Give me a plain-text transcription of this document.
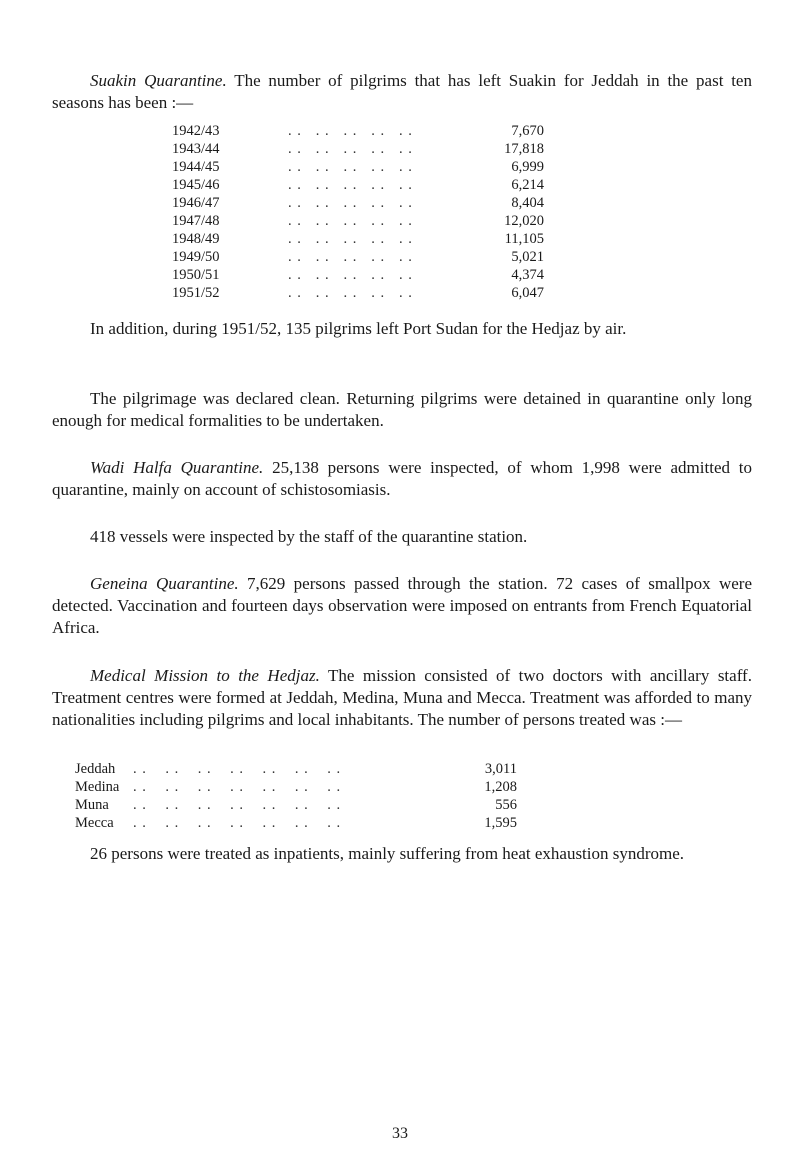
Suakin Quarantine. The number of pilgrims that has left Suakin for Jeddah in the past ten seasons has been :—

1942/43	. .   . .   . .   . .   . .	7,670
1943/44	. .   . .   . .   . .   . .	17,818
1944/45	. .   . .   . .   . .   . .	6,999
1945/46	. .   . .   . .   . .   . .	6,214
1946/47	. .   . .   . .   . .   . .	8,404
1947/48	. .   . .   . .   . .   . .	12,020
1948/49	. .   . .   . .   . .   . .	11,105
1949/50	. .   . .   . .   . .   . .	5,021
1950/51	. .   . .   . .   . .   . .	4,374
1951/52	. .   . .   . .   . .   . .	6,047

In addition, during 1951/52, 135 pilgrims left Port Sudan for the Hedjaz by air.

The pilgrimage was declared clean. Returning pilgrims were detained in quarantine only long enough for medical formalities to be undertaken.

Wadi Halfa Quarantine. 25,138 persons were inspected, of whom 1,998 were admitted to quarantine, mainly on account of schistosomiasis.

418 vessels were inspected by the staff of the quarantine station.

Geneina Quarantine. 7,629 persons passed through the station. 72 cases of smallpox were detected. Vaccination and fourteen days observation were imposed on entrants from French Equatorial Africa.

Medical Mission to the Hedjaz. The mission consisted of two doctors with ancillary staff. Treatment centres were formed at Jeddah, Medina, Muna and Mecca. Treatment was afforded to many nationalities including pilgrims and local inhabitants. The number of persons treated was :—

Jeddah . .    . .    . .    . .    . .    . .    . .	3,011
Medina . .    . .    . .    . .    . .    . .    . .	1,208
Muna . .    . .    . .    . .    . .    . .    . .	556
Mecca . .    . .    . .    . .    . .    . .    . .	1,595

26 persons were treated as inpatients, mainly suffering from heat exhaustion syndrome.

33
